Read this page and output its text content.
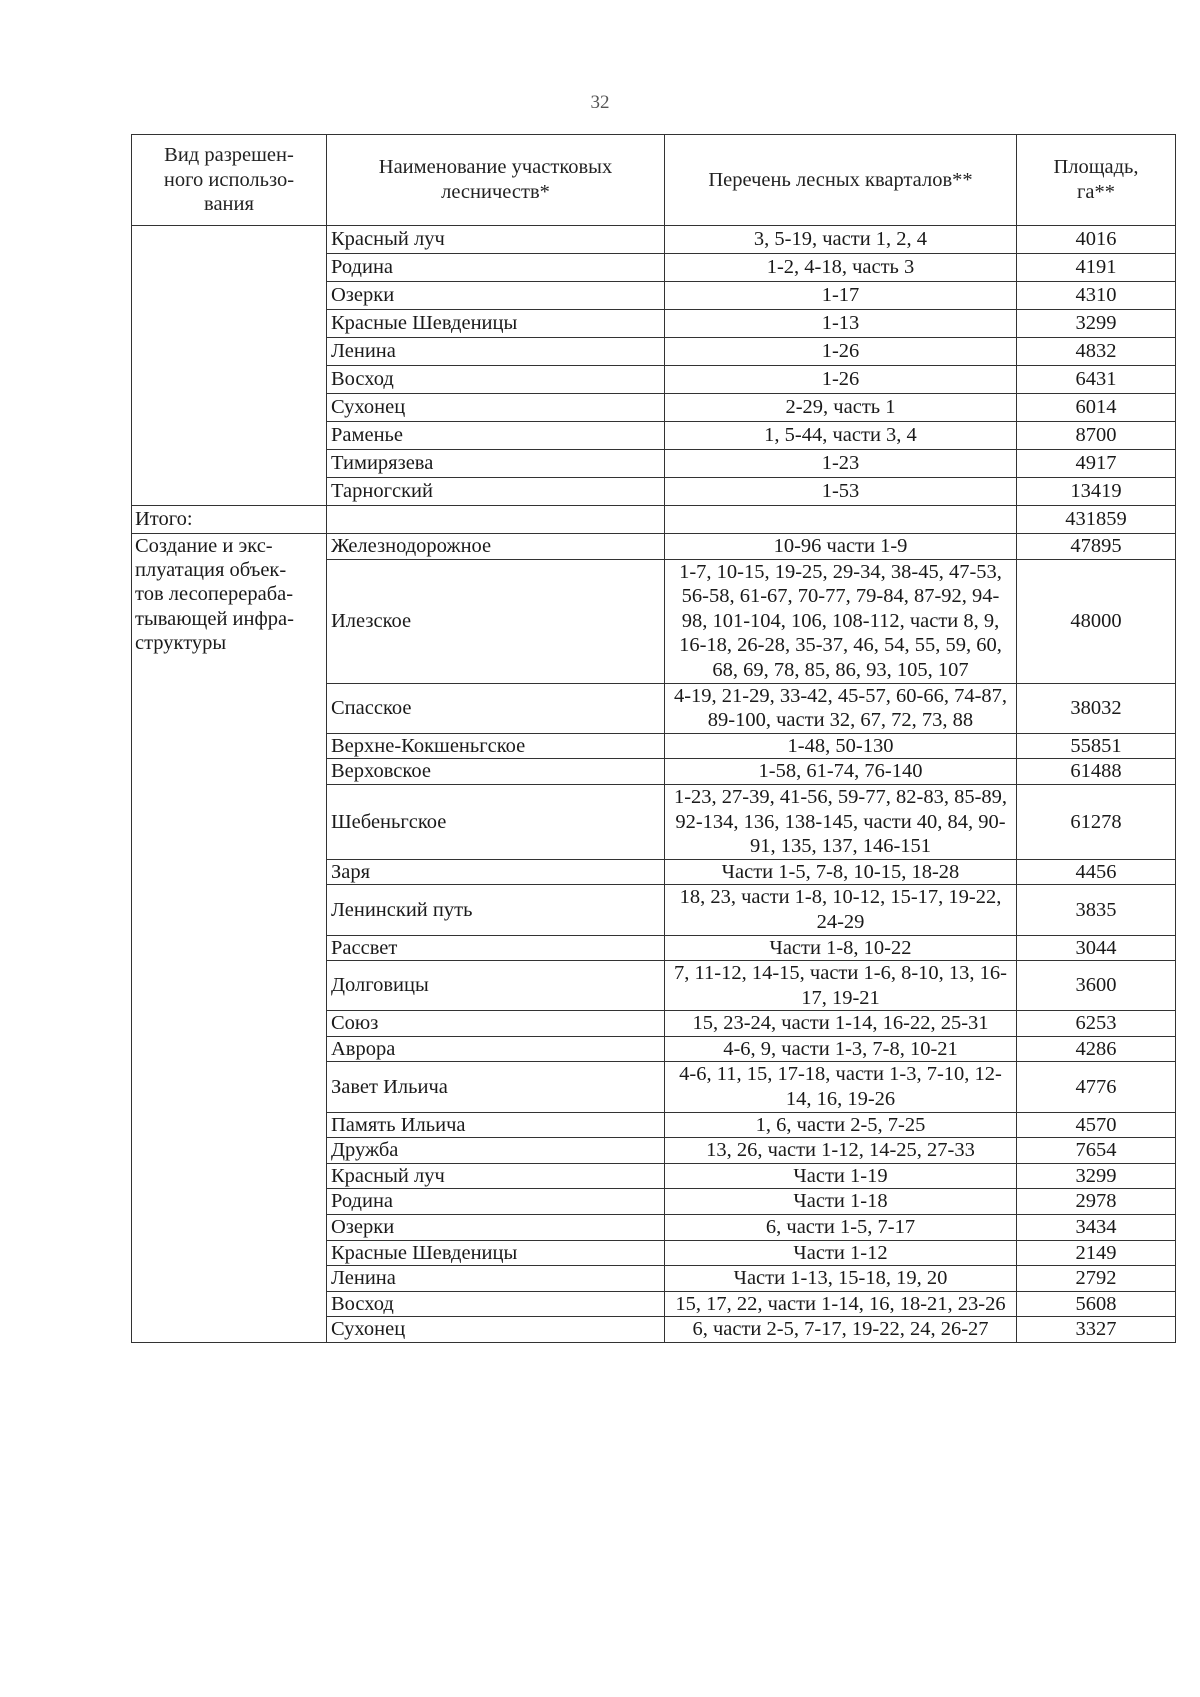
32
Вид разрешен-
ного использо-
вания	Наименование участковых
лесничеств*	Перечень лесных кварталов**	Площадь,
га**

	Красный луч	3, 5-19, части 1, 2, 4	4016
	Родина	1-2, 4-18, часть 3	4191
	Озерки	1-17	4310
	Красные Шевденицы	1-13	3299
	Ленина	1-26	4832
	Восход	1-26	6431
	Сухонец	2-29, часть 1	6014
	Раменье	1, 5-44, части 3, 4	8700
	Тимирязева	1-23	4917
	Тарногский	1-53	13419
Итого:			431859

Создание и экс-
плуатация объек-
тов лесоперераба-
тывающей инфра-
структуры	Железнодорожное	10-96 части 1-9	47895
	Илезское	1-7, 10-15, 19-25, 29-34, 38-45, 47-53, 56-58, 61-67, 70-77, 79-84, 87-92, 94-98, 101-104, 106, 108-112, части 8, 9, 16-18, 26-28, 35-37, 46, 54, 55, 59, 60, 68, 69, 78, 85, 86, 93, 105, 107	48000
	Спасское	4-19, 21-29, 33-42, 45-57, 60-66, 74-87, 89-100, части 32, 67, 72, 73, 88	38032
	Верхне-Кокшеньгское	1-48, 50-130	55851
	Верховское	1-58, 61-74, 76-140	61488
	Шебеньгское	1-23, 27-39, 41-56, 59-77, 82-83, 85-89, 92-134, 136, 138-145, части 40, 84, 90-91, 135, 137, 146-151	61278
	Заря	Части 1-5, 7-8, 10-15, 18-28	4456
	Ленинский путь	18, 23, части 1-8, 10-12, 15-17, 19-22, 24-29	3835
	Рассвет	Части 1-8, 10-22	3044
	Долговицы	7, 11-12, 14-15, части 1-6, 8-10, 13, 16-17, 19-21	3600
	Союз	15, 23-24, части 1-14, 16-22, 25-31	6253
	Аврора	4-6, 9, части 1-3, 7-8, 10-21	4286
	Завет Ильича	4-6, 11, 15, 17-18, части 1-3, 7-10, 12-14, 16, 19-26	4776
	Память Ильича	1, 6, части 2-5, 7-25	4570
	Дружба	13, 26, части 1-12, 14-25, 27-33	7654
	Красный луч	Части 1-19	3299
	Родина	Части 1-18	2978
	Озерки	6, части 1-5, 7-17	3434
	Красные Шевденицы	Части 1-12	2149
	Ленина	Части 1-13, 15-18, 19, 20	2792
	Восход	15, 17, 22, части 1-14, 16, 18-21, 23-26	5608
	Сухонец	6, части 2-5, 7-17, 19-22, 24, 26-27	3327
